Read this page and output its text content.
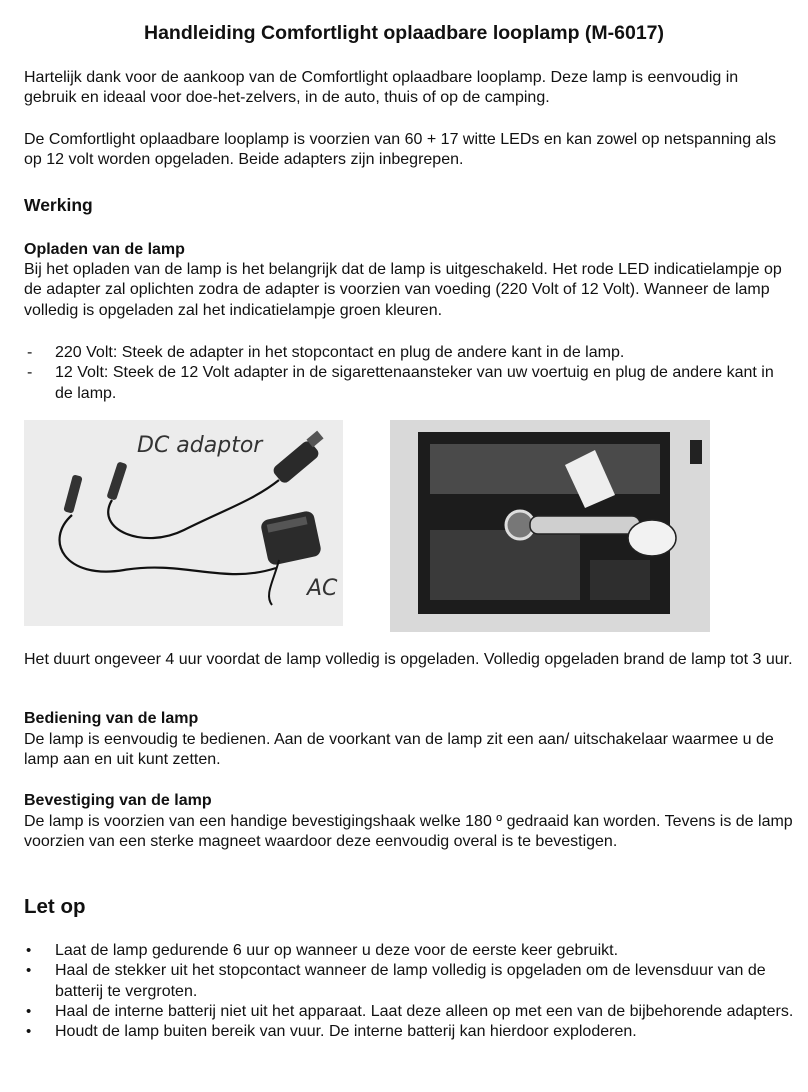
Handleiding Comfortlight oplaadbare looplamp (M-6017)

Hartelijk dank voor de aankoop van de Comfortlight oplaadbare looplamp. Deze lamp is eenvoudig in gebruik en ideaal voor doe-het-zelvers, in de auto, thuis of op de camping.

De Comfortlight oplaadbare looplamp is voorzien van 60 + 17 witte LEDs en kan zowel op netspanning als op 12 volt worden opgeladen. Beide adapters zijn inbegrepen.

Werking
Opladen van de lamp

Bij het opladen van de lamp is het belangrijk dat de lamp is uitgeschakeld. Het rode LED indicatielampje op de adapter zal oplichten zodra de adapter is voorzien van voeding (220 Volt of 12 Volt). Wanneer de lamp volledig is opgeladen zal het indicatielampje groen kleuren.

- 220 Volt: Steek de adapter in het stopcontact en plug de andere kant in de lamp.
- 12 Volt: Steek de 12 Volt adapter in de sigarettenaansteker van uw voertuig en plug de andere kant in de lamp.
DC adaptor
AC

Het duurt ongeveer 4 uur voordat de lamp volledig is opgeladen. Volledig opgeladen brand de lamp tot 3 uur.

Bediening van de lamp

De lamp is eenvoudig te bedienen. Aan de voorkant van de lamp zit een aan/ uitschakelaar waarmee u de lamp aan en uit kunt zetten.

Bevestiging van de lamp

De lamp is voorzien van een handige bevestigingshaak welke 180 º gedraaid kan worden. Tevens is de lamp voorzien van een sterke magneet waardoor deze eenvoudig overal is te bevestigen.

Let op
• Laat de lamp gedurende 6 uur op wanneer u deze voor de eerste keer gebruikt.
• Haal de stekker uit het stopcontact wanneer de lamp volledig is opgeladen om de levensduur van de batterij te vergroten.
• Haal de interne batterij niet uit het apparaat. Laat deze alleen op met een van de bijbehorende adapters.
• Houdt de lamp buiten bereik van vuur. De interne batterij kan hierdoor exploderen.
